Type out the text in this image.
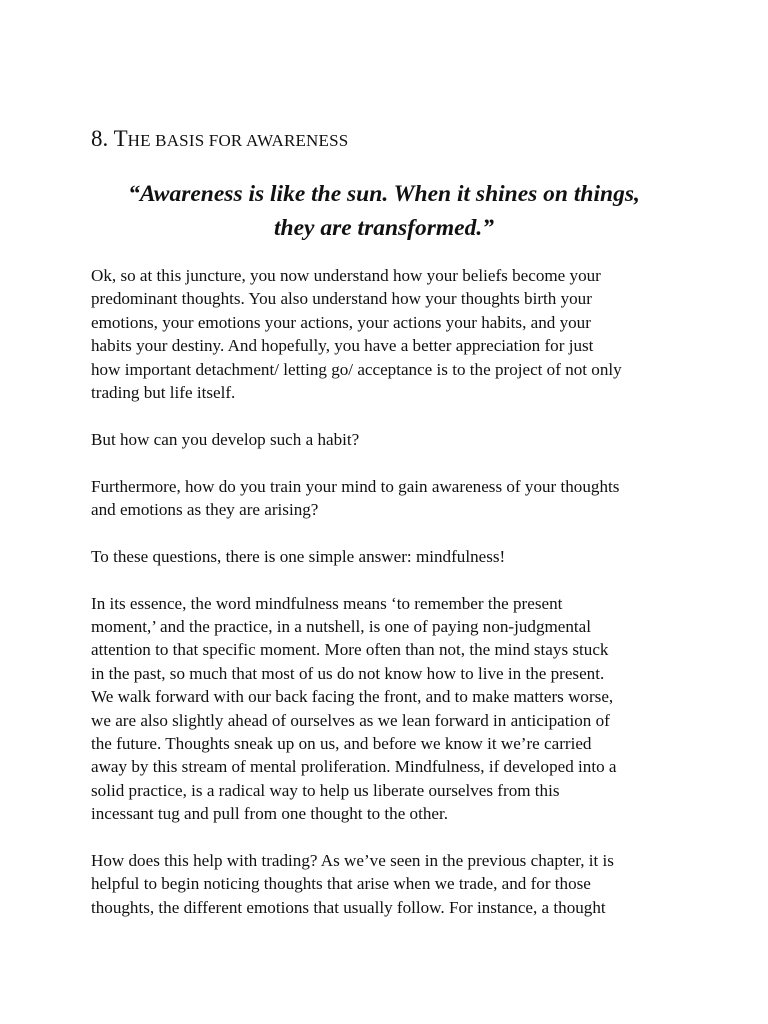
8. THE BASIS FOR AWARENESS
“Awareness is like the sun. When it shines on things,
they are transformed.”

Ok, so at this juncture, you now understand how your beliefs become your
predominant thoughts. You also understand how your thoughts birth your
emotions, your emotions your actions, your actions your habits, and your
habits your destiny. And hopefully, you have a better appreciation for just
how important detachment/ letting go/ acceptance is to the project of not only
trading but life itself.

But how can you develop such a habit?

Furthermore, how do you train your mind to gain awareness of your thoughts
and emotions as they are arising?

To these questions, there is one simple answer: mindfulness!

In its essence, the word mindfulness means ‘to remember the present
moment,’ and the practice, in a nutshell, is one of paying non-judgmental
attention to that specific moment. More often than not, the mind stays stuck
in the past, so much that most of us do not know how to live in the present.
We walk forward with our back facing the front, and to make matters worse,
we are also slightly ahead of ourselves as we lean forward in anticipation of
the future. Thoughts sneak up on us, and before we know it we’re carried
away by this stream of mental proliferation. Mindfulness, if developed into a
solid practice, is a radical way to help us liberate ourselves from this
incessant tug and pull from one thought to the other.

How does this help with trading? As we’ve seen in the previous chapter, it is
helpful to begin noticing thoughts that arise when we trade, and for those
thoughts, the different emotions that usually follow. For instance, a thought
